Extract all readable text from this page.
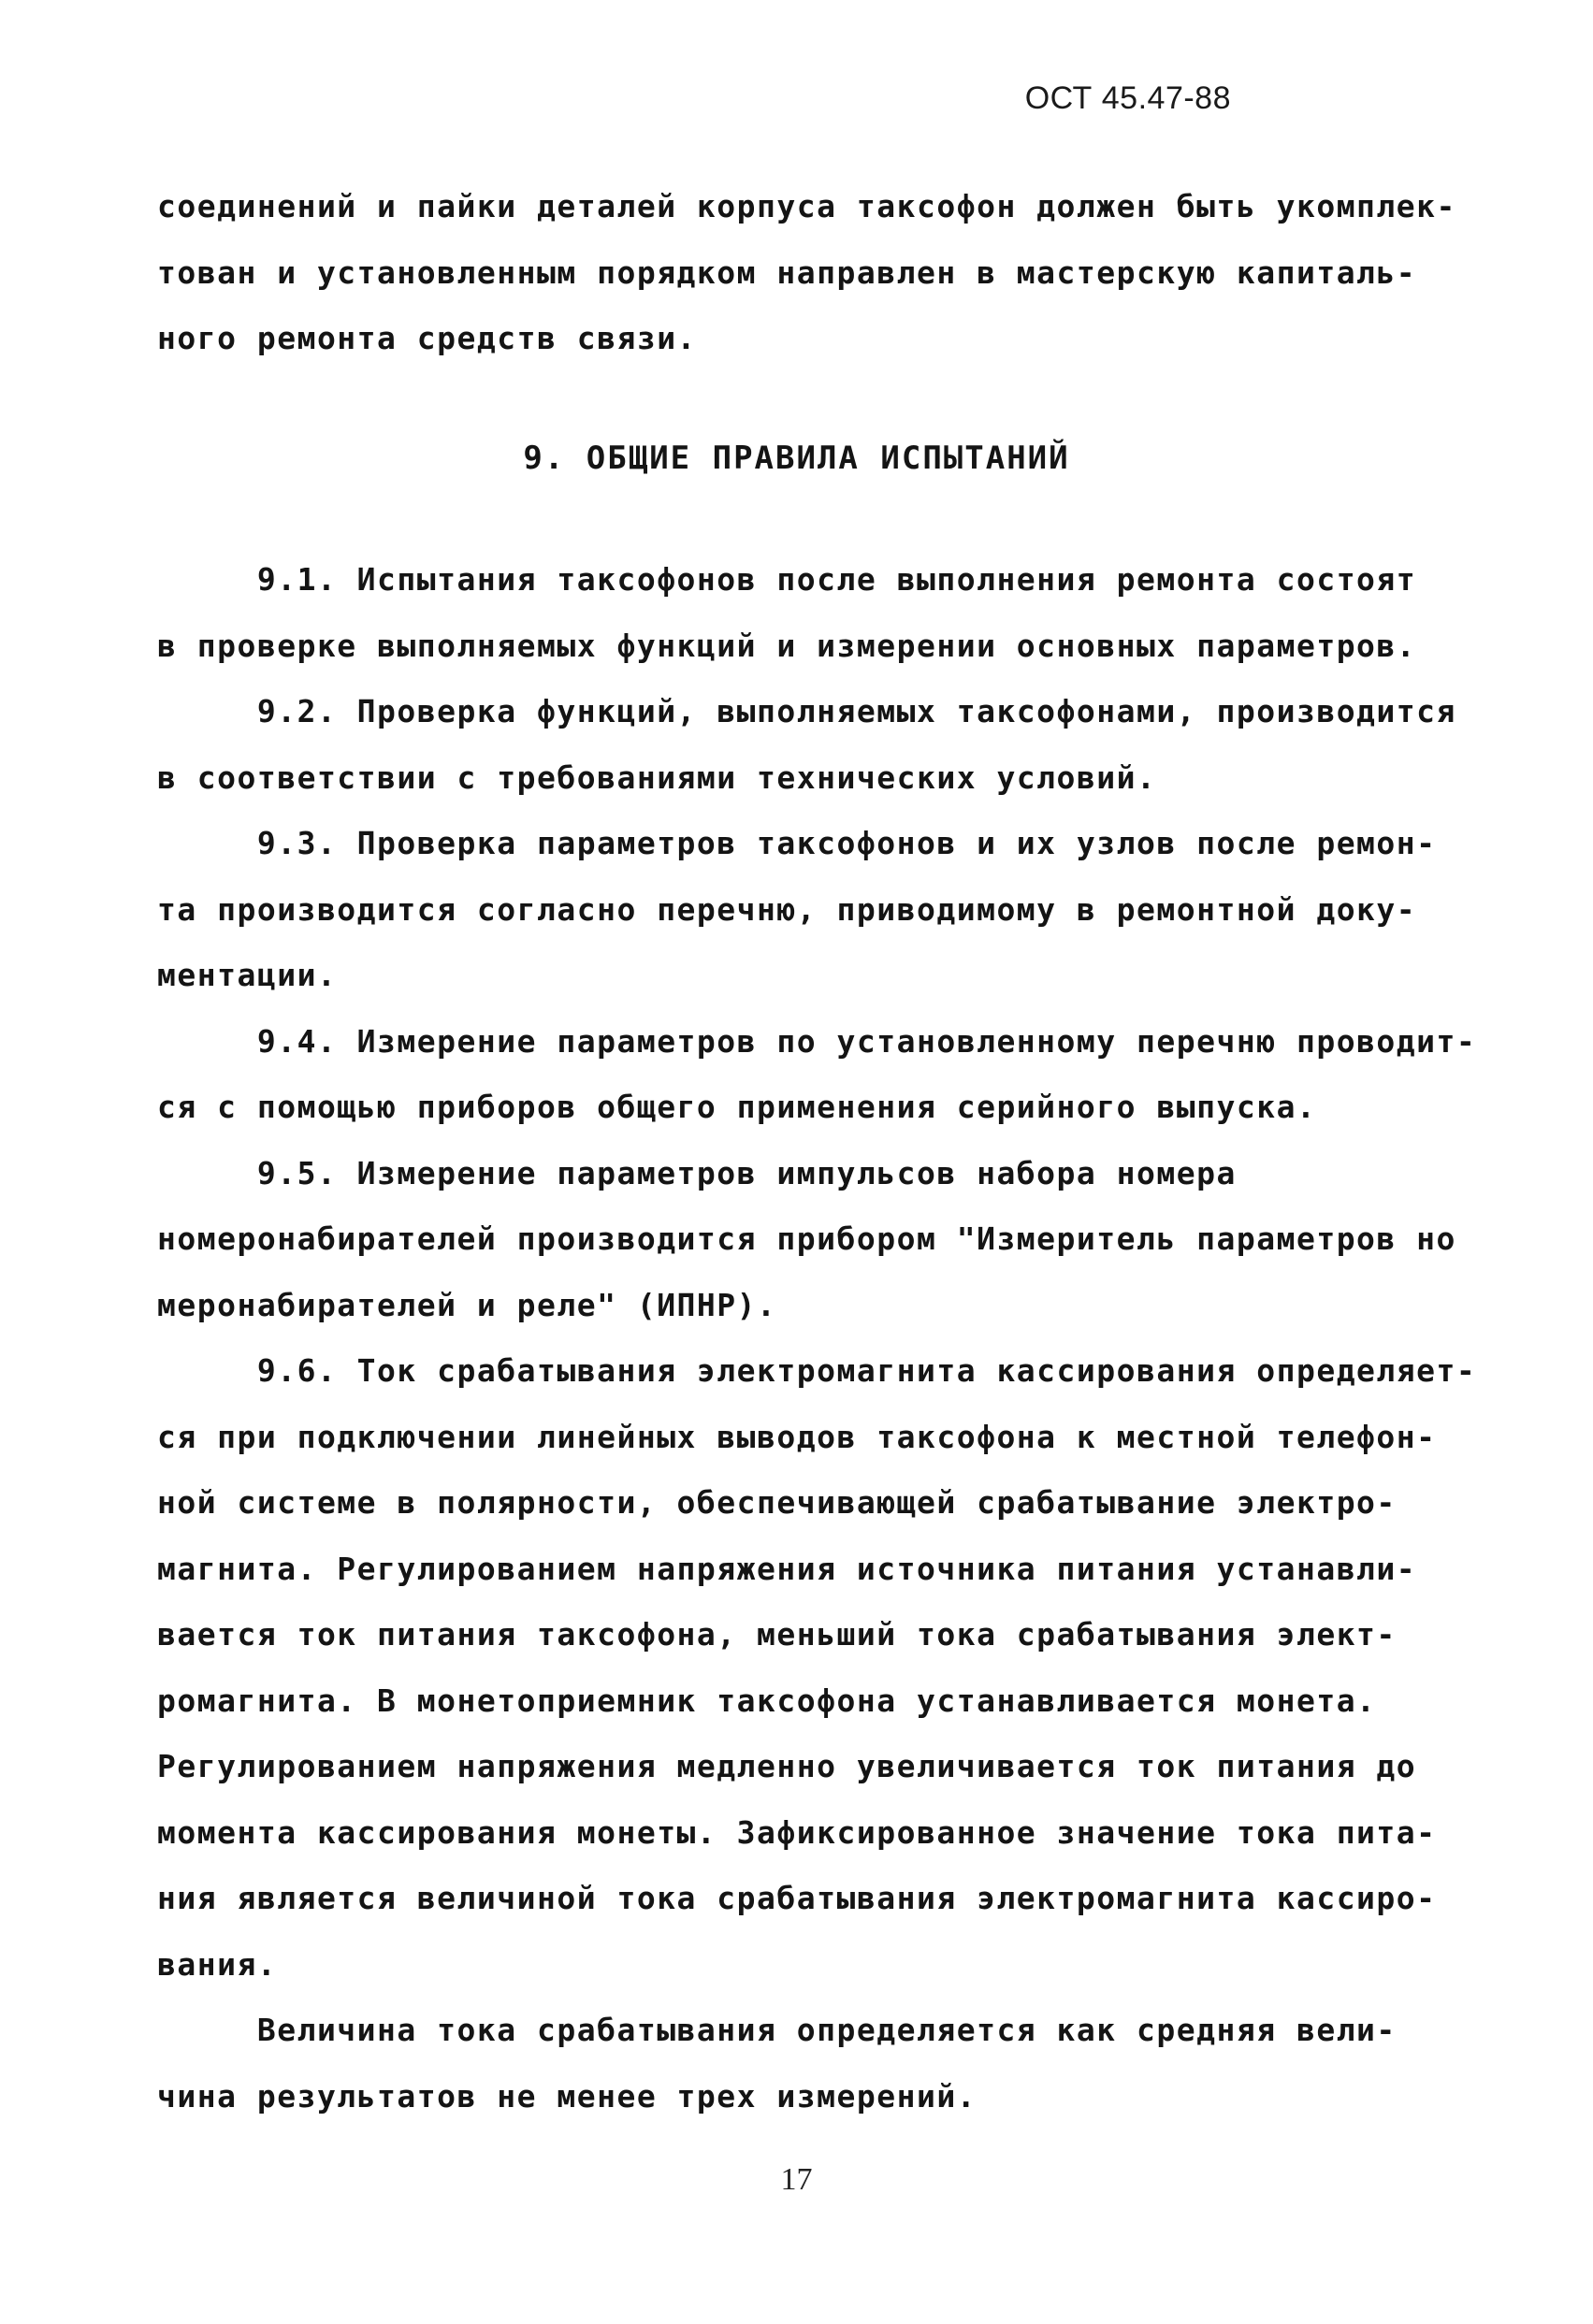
ОСТ 45.47-88
соединений и пайки деталей корпуса таксофон должен быть укомплек-
тован и установленным порядком направлен в мастерскую капиталь-
ного ремонта средств связи.
9. ОБЩИЕ ПРАВИЛА ИСПЫТАНИЙ
9.1. Испытания таксофонов после выполнения ремонта состоят
в проверке выполняемых функций и измерении основных параметров.
9.2. Проверка функций, выполняемых таксофонами, производится
в соответствии с требованиями технических условий.
9.3. Проверка параметров таксофонов и их узлов после ремон-
та производится согласно перечню, приводимому в ремонтной доку-
ментации.
9.4. Измерение параметров по установленному перечню проводит-
ся с помощью приборов общего применения серийного выпуска.
9.5. Измерение параметров импульсов набора номера
номеронабирателей производится прибором "Измеритель параметров но
меронабирателей и реле" (ИПНР).
9.6. Ток срабатывания электромагнита кассирования определяет-
ся при подключении линейных выводов таксофона к местной телефон-
ной системе в полярности, обеспечивающей срабатывание электро-
магнита. Регулированием напряжения источника питания устанавли-
вается ток питания таксофона, меньший тока срабатывания элект-
ромагнита. В монетоприемник таксофона устанавливается монета.
Регулированием напряжения медленно увеличивается ток питания до
момента кассирования монеты. Зафиксированное значение тока пита-
ния является величиной тока срабатывания электромагнита кассиро-
вания.
Величина тока срабатывания определяется как средняя вели-
чина результатов не менее трех измерений.
17
